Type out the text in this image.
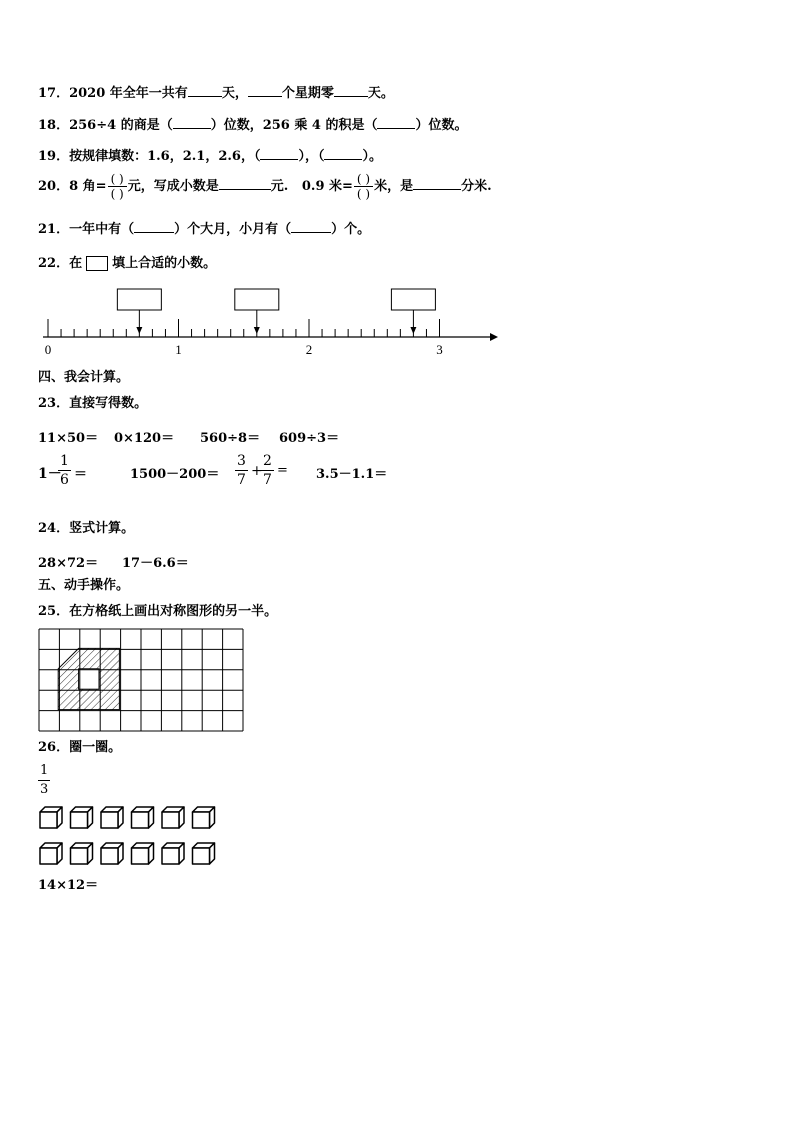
17．2020 年全年一共有	天，	个星期零	天。
18．256÷4 的商是（	）位数，256 乘 4 的积是（	）位数。
19．按规律填数：1.6，2.1，2.6，（	），（	）。
20．8 角= $\frac{( )}{( )}$ 元，写成小数是	元. 0.9 米= $\frac{( )}{( )}$ 米，是	分米.
21．一年中有（	）个大月，小月有（	）个。
22．在 填上合适的小数。
0	1	2	3
四、我会计算。
23．直接写得数。
11×50＝ 0×120＝ 560÷8＝ 609÷3＝
1－
1
6 ＝	1500－200＝
3
7
+
2
7
= 3.5－1.1＝
24．竖式计算。
28×72＝ 17－6.6＝
五、动手操作。
25．在方格纸上画出对称图形的另一半。
26．圈一圈。
1
3
14×12＝
